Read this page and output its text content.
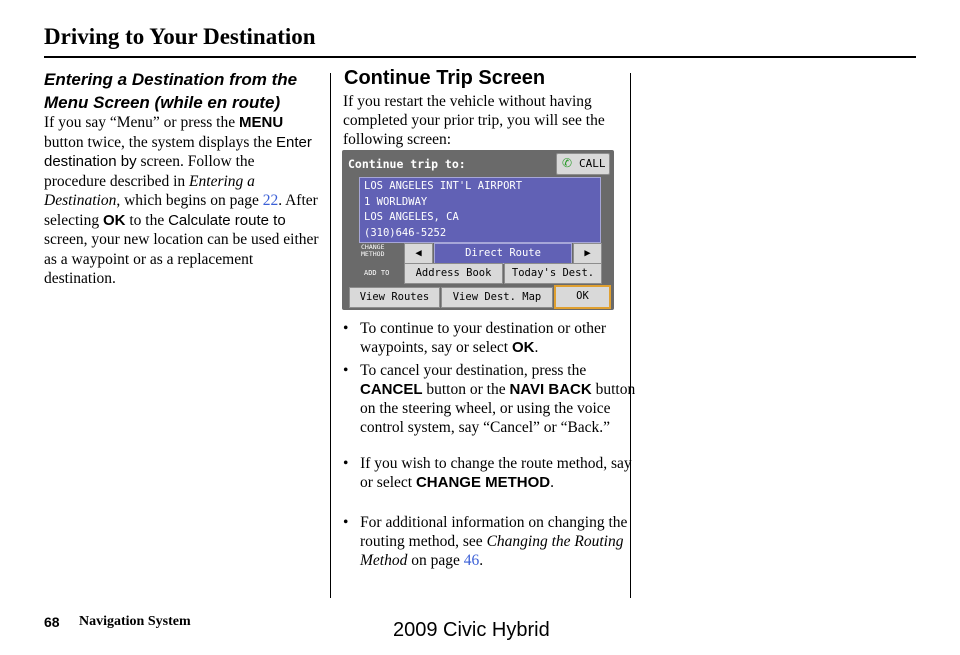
Driving to Your Destination
Entering a Destination from the Menu Screen (while en route)
If you say “Menu” or press the MENU button twice, the system displays the Enter destination by screen. Follow the procedure described in Entering a Destination, which begins on page 22. After selecting OK to the Calculate route to screen, your new location can be used either as a waypoint or as a replacement destination.
Continue Trip Screen
If you restart the vehicle without having completed your prior trip, you will see the following screen:
Continue trip to:	✆ CALL
LOS ANGELES INT'L AIRPORT
1 WORLDWAY
LOS ANGELES, CA
(310)646-5252
CHANGE METHOD	◀	Direct Route	▶
ADD TO	Address Book	Today's Dest.
View Routes	View Dest. Map	OK
• To continue to your destination or other waypoints, say or select OK.
• To cancel your destination, press the CANCEL button or the NAVI BACK button on the steering wheel, or using the voice control system, say “Cancel” or “Back.”
• If you wish to change the route method, say or select CHANGE METHOD.
• For additional information on changing the routing method, see Changing the Routing Method on page 46.
68 Navigation System	2009 Civic Hybrid
